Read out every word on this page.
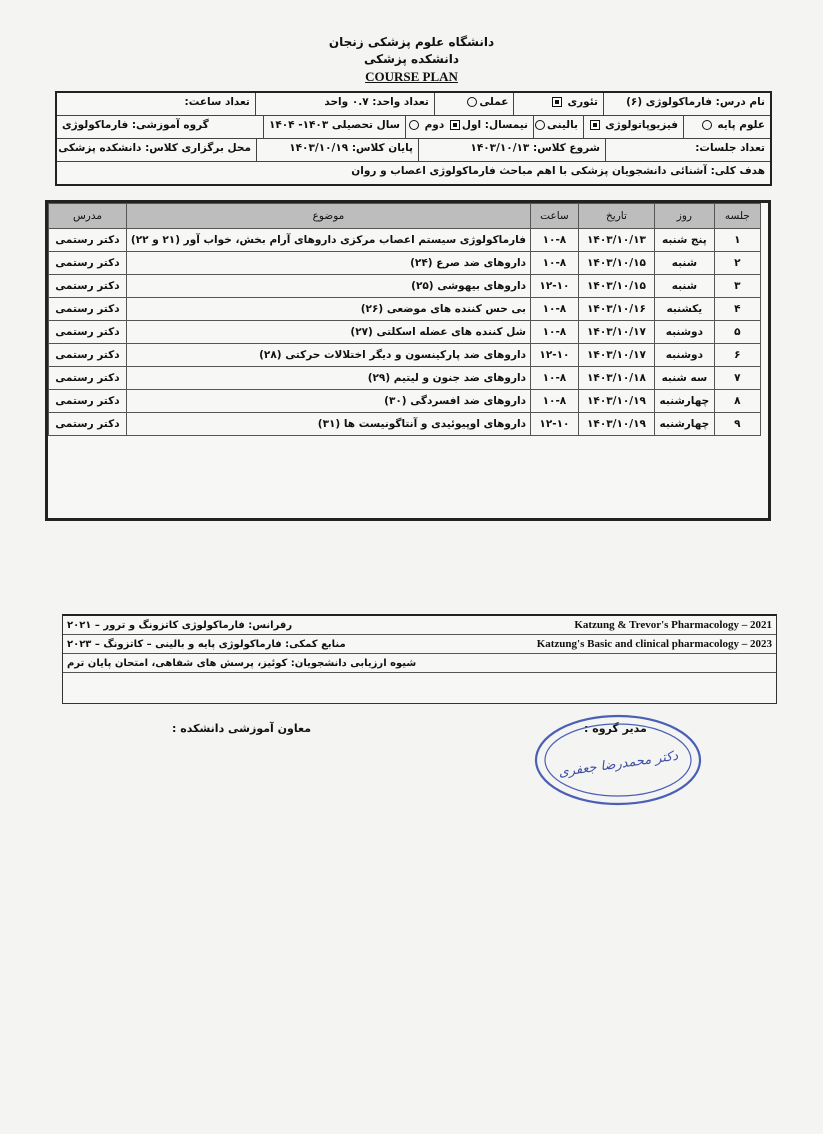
دانشگاه علوم پزشکی زنجان
دانشکده پزشکی
COURSE PLAN
نام درس: فارماکولوژی (۶)
تئوری
عملی
تعداد واحد: ۰.۷ واحد
تعداد ساعت:
علوم پایه
فیزیوپاتولوژی
بالینی
نیمسال: اول دوم
سال تحصیلی ۱۴۰۳- ۱۴۰۴
گروه آموزشی: فارماکولوژی
تعداد جلسات:
شروع کلاس: ۱۴۰۳/۱۰/۱۳
پایان کلاس: ۱۴۰۳/۱۰/۱۹
محل برگزاری کلاس: دانشکده پزشکی
هدف کلی: آشنائی دانشجویان پزشکی با اهم مباحث فارماکولوژی اعصاب و روان
جلسه	روز	تاریخ	ساعت	موضوع	مدرس
۱	پنج شنبه	۱۴۰۳/۱۰/۱۳	۱۰-۸	فارماکولوژی سیستم اعصاب مرکزی داروهای آرام بخش، خواب آور (۲۱ و ۲۲)	دکتر رستمی
۲	شنبه	۱۴۰۳/۱۰/۱۵	۱۰-۸	داروهای ضد صرع (۲۴)	دکتر رستمی
۳	شنبه	۱۴۰۳/۱۰/۱۵	۱۲-۱۰	داروهای بیهوشی (۲۵)	دکتر رستمی
۴	یکشنبه	۱۴۰۳/۱۰/۱۶	۱۰-۸	بی حس کننده های موضعی (۲۶)	دکتر رستمی
۵	دوشنبه	۱۴۰۳/۱۰/۱۷	۱۰-۸	شل کننده های عضله اسکلتی (۲۷)	دکتر رستمی
۶	دوشنبه	۱۴۰۳/۱۰/۱۷	۱۲-۱۰	داروهای ضد پارکینسون و دیگر اختلالات حرکتی (۲۸)	دکتر رستمی
۷	سه شنبه	۱۴۰۳/۱۰/۱۸	۱۰-۸	داروهای ضد جنون و لیتیم (۲۹)	دکتر رستمی
۸	چهارشنبه	۱۴۰۳/۱۰/۱۹	۱۰-۸	داروهای ضد افسردگی (۳۰)	دکتر رستمی
۹	چهارشنبه	۱۴۰۳/۱۰/۱۹	۱۲-۱۰	داروهای اوپیوئیدی و آنتاگونیست ها (۳۱)	دکتر رستمی
رفرانس: فارماکولوژی کاتزونگ و ترور – ۲۰۲۱	Katzung & Trevor's Pharmacology – 2021
منابع کمکی: فارماکولوژی پایه و بالینی – کاتزونگ – ۲۰۲۳	Katzung's Basic and clinical pharmacology – 2023
شیوه ارزیابی دانشجویان: کوئیز، پرسش های شفاهی، امتحان پایان ترم
معاون آموزشی دانشکده :	مدیر گروه :
دکتر محمدرضا جعفری
